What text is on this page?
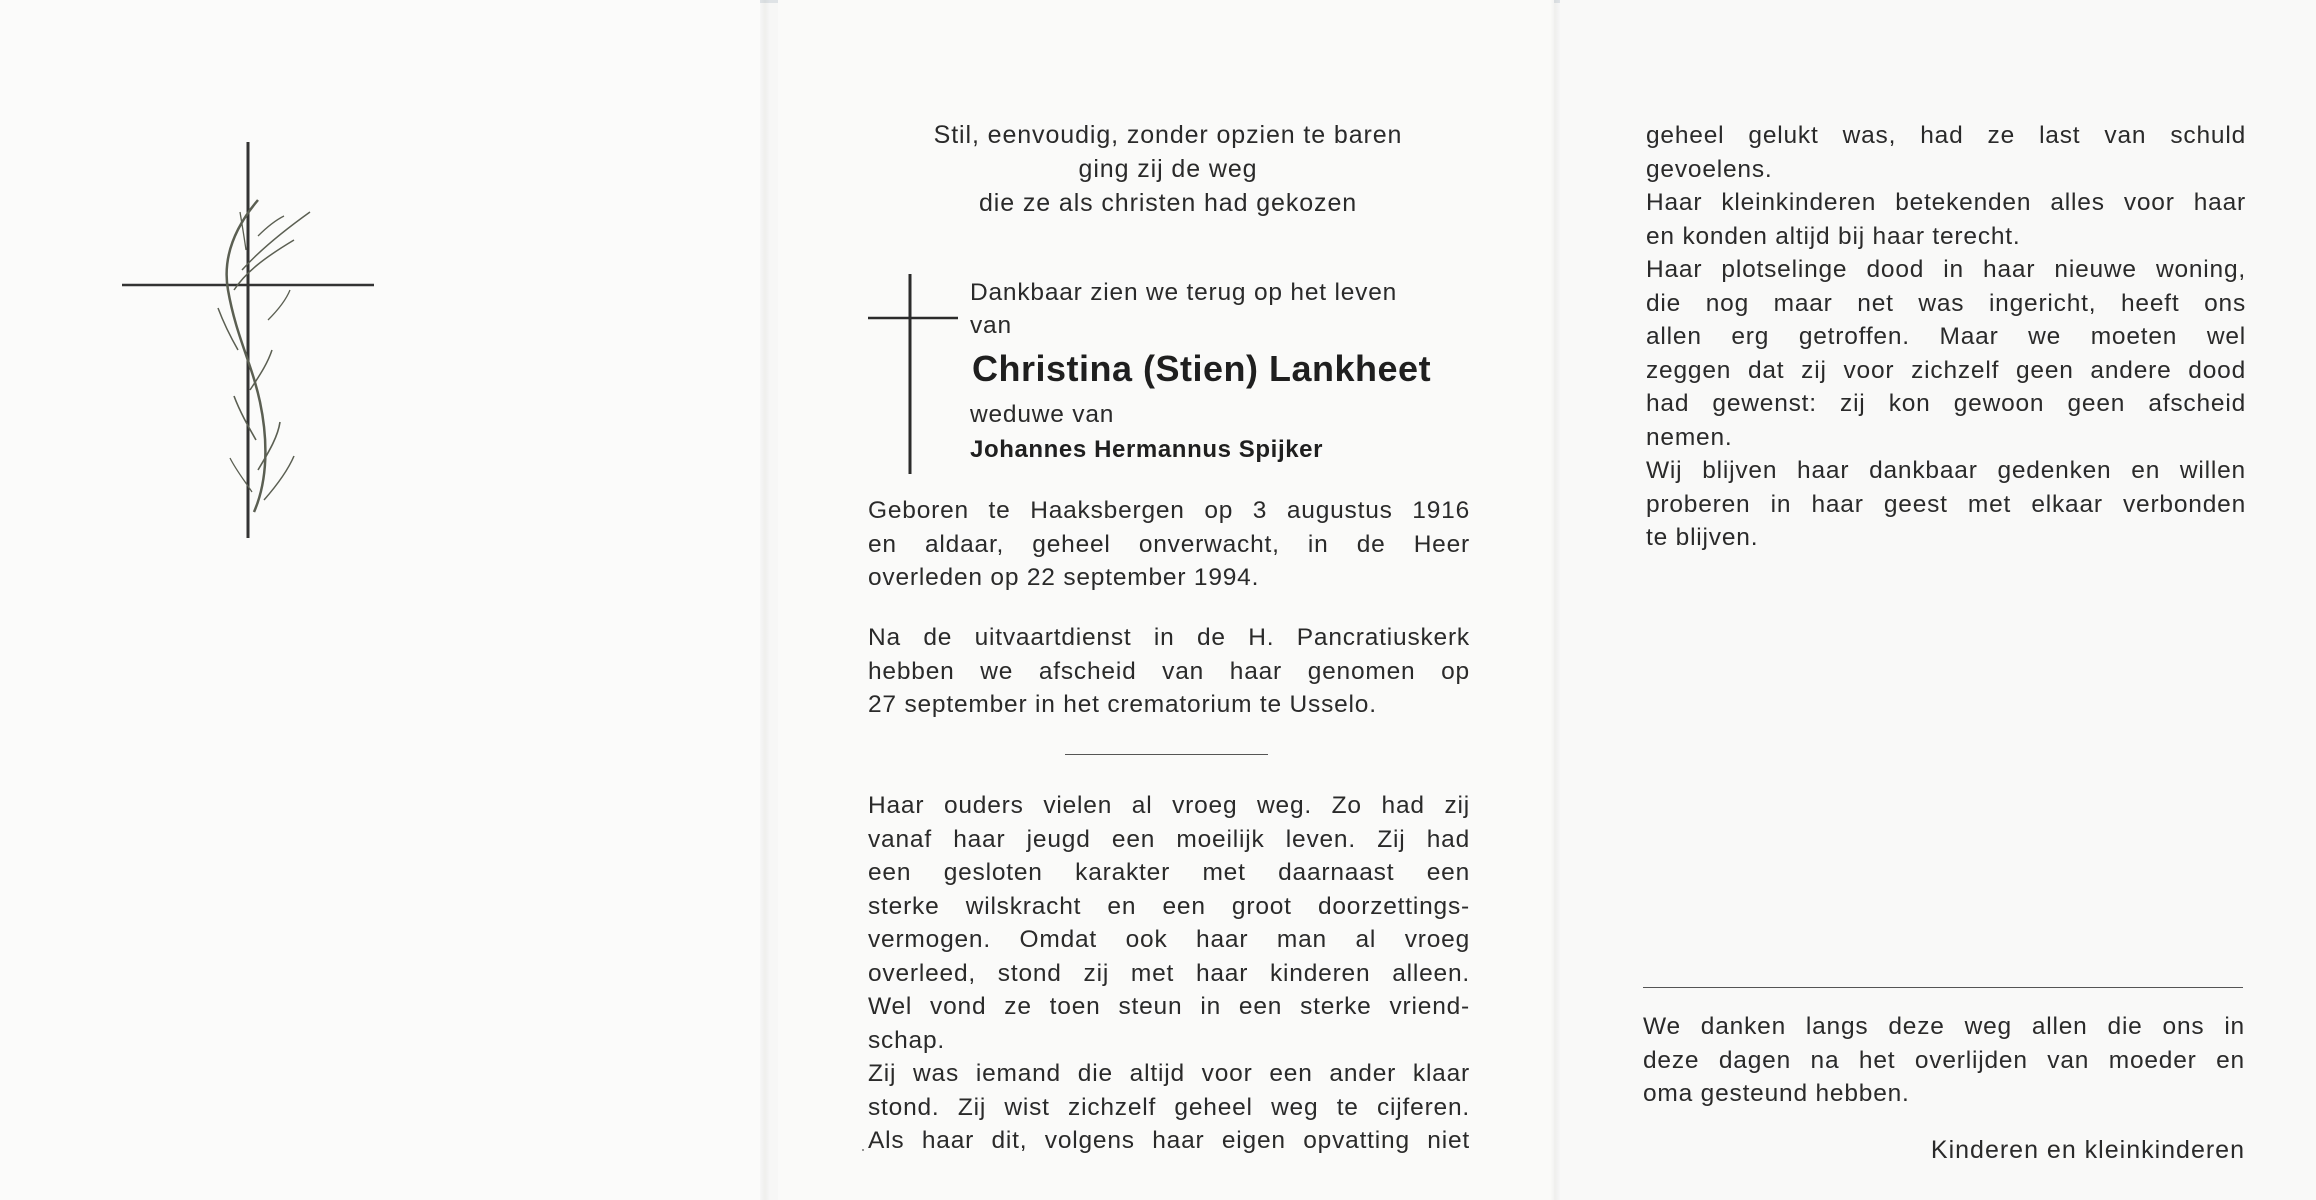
Stil, eenvoudig, zonder opzien te baren
ging zij de weg
die ze als christen had gekozen
Dankbaar zien we terug op het leven
van
Christina (Stien) Lankheet
weduwe van
Johannes Hermannus Spijker
Geboren te Haaksbergen op 3 augustus 1916
en aldaar, geheel onverwacht, in de Heer
overleden op 22 september 1994.
Na de uitvaartdienst in de H. Pancratiuskerk
hebben we afscheid van haar genomen op
27 september in het crematorium te Usselo.
Haar ouders vielen al vroeg weg. Zo had zij
vanaf haar jeugd een moeilijk leven. Zij had
een gesloten karakter met daarnaast een
sterke wilskracht en een groot doorzettings-
vermogen. Omdat ook haar man al vroeg
overleed, stond zij met haar kinderen alleen.
Wel vond ze toen steun in een sterke vriend-
schap.
Zij was iemand die altijd voor een ander klaar
stond. Zij wist zichzelf geheel weg te cijferen.
Als haar dit, volgens haar eigen opvatting niet
geheel gelukt was, had ze last van schuld
gevoelens.
Haar kleinkinderen betekenden alles voor haar
en konden altijd bij haar terecht.
Haar plotselinge dood in haar nieuwe woning,
die nog maar net was ingericht, heeft ons
allen erg getroffen. Maar we moeten wel
zeggen dat zij voor zichzelf geen andere dood
had gewenst: zij kon gewoon geen afscheid
nemen.
Wij blijven haar dankbaar gedenken en willen
proberen in haar geest met elkaar verbonden
te blijven.
We danken langs deze weg allen die ons in
deze dagen na het overlijden van moeder en
oma gesteund hebben.
Kinderen en kleinkinderen
